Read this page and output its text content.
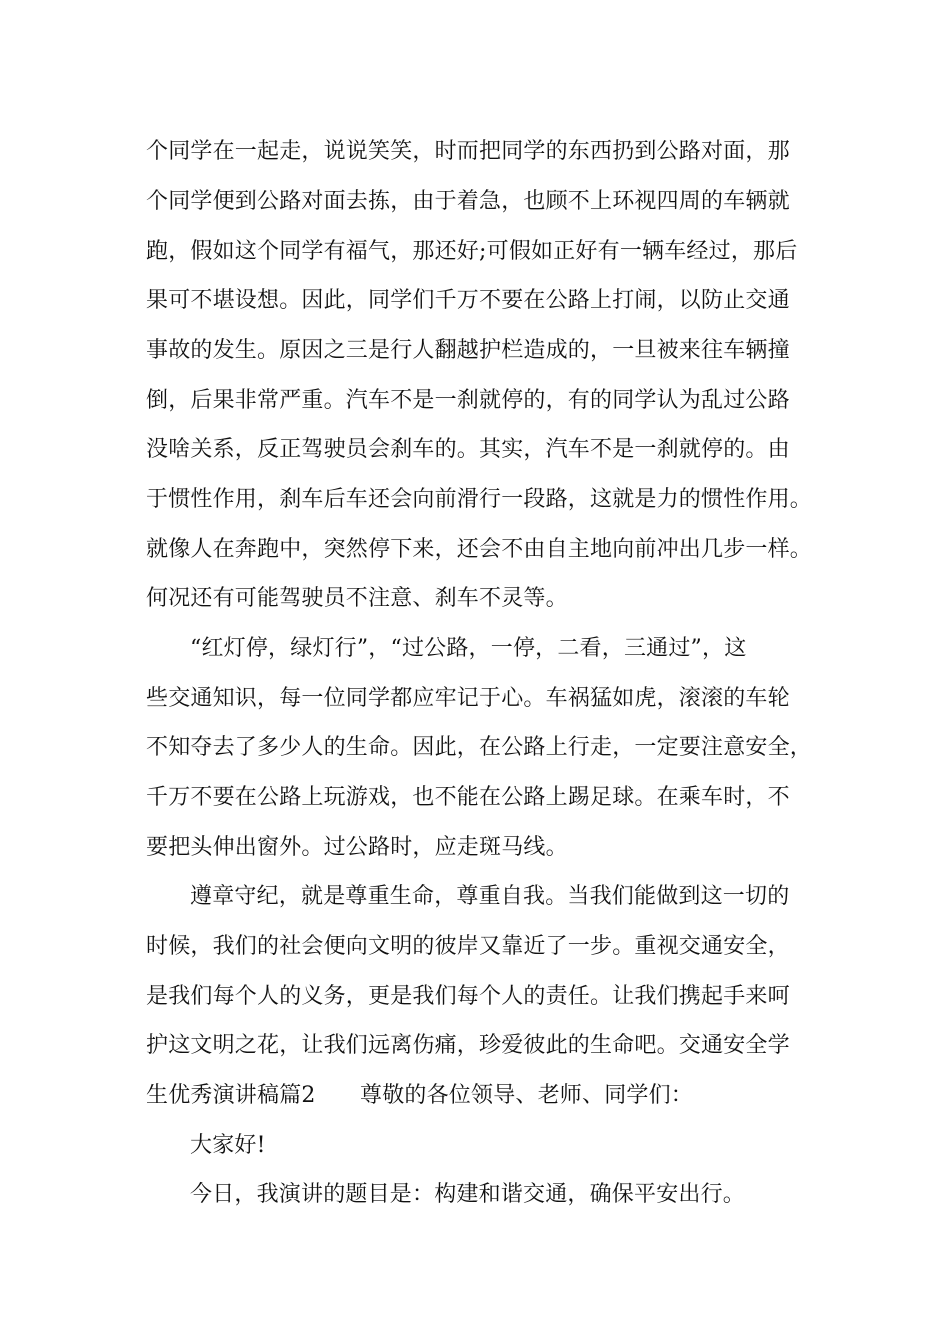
个同学在一起走，说说笑笑，时而把同学的东西扔到公路对面，那
个同学便到公路对面去拣，由于着急，也顾不上环视四周的车辆就
跑，假如这个同学有福气，那还好;可假如正好有一辆车经过，那后
果可不堪设想。因此，同学们千万不要在公路上打闹，以防止交通
事故的发生。原因之三是行人翻越护栏造成的，一旦被来往车辆撞
倒，后果非常严重。汽车不是一刹就停的，有的同学认为乱过公路
没啥关系，反正驾驶员会刹车的。其实，汽车不是一刹就停的。由
于惯性作用，刹车后车还会向前滑行一段路，这就是力的惯性作用。
就像人在奔跑中，突然停下来，还会不由自主地向前冲出几步一样。
何况还有可能驾驶员不注意、刹车不灵等。
“红灯停，绿灯行”，“过公路，一停，二看，三通过”，这
些交通知识，每一位同学都应牢记于心。车祸猛如虎，滚滚的车轮
不知夺去了多少人的生命。因此，在公路上行走，一定要注意安全，
千万不要在公路上玩游戏，也不能在公路上踢足球。在乘车时，不
要把头伸出窗外。过公路时，应走斑马线。
遵章守纪，就是尊重生命，尊重自我。当我们能做到这一切的
时候，我们的社会便向文明的彼岸又靠近了一步。重视交通安全，
是我们每个人的义务，更是我们每个人的责任。让我们携起手来呵
护这文明之花，让我们远离伤痛，珍爱彼此的生命吧。交通安全学
生优秀演讲稿篇2　　尊敬的各位领导、老师、同学们：
大家好!
今日，我演讲的题目是：构建和谐交通，确保平安出行。
